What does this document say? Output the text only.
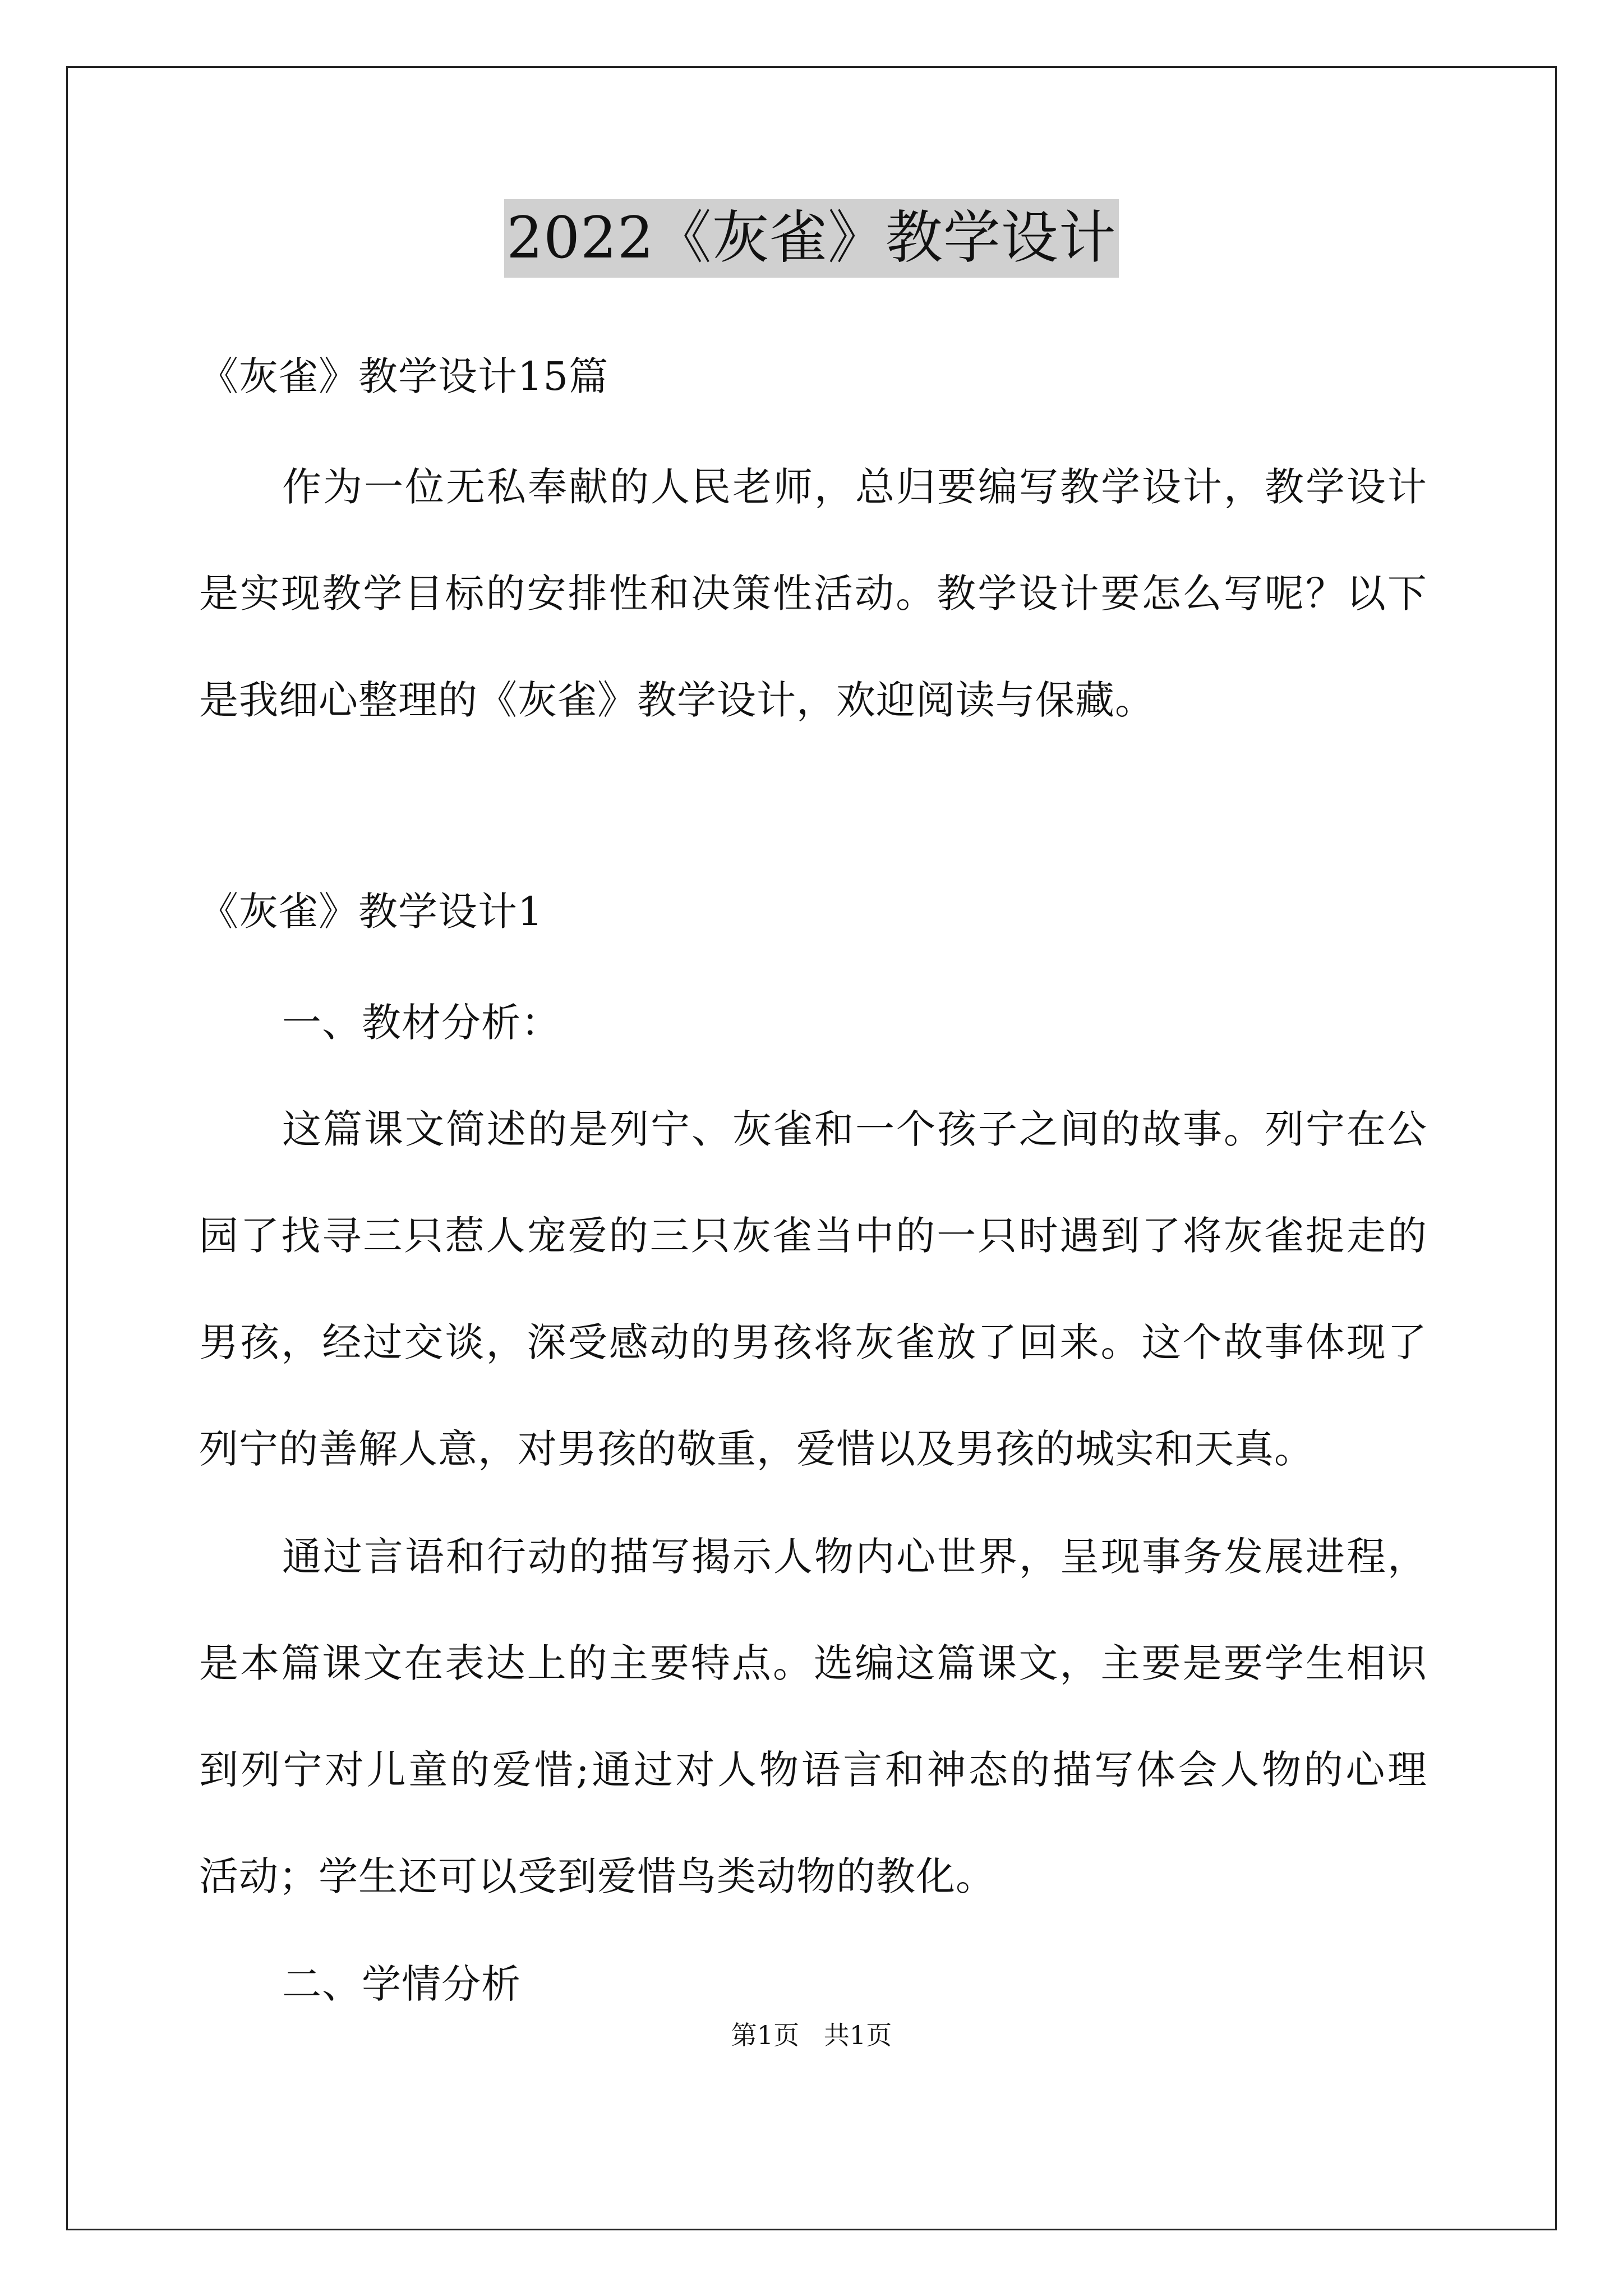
2022《灰雀》教学设计
《灰雀》教学设计15篇
作为一位无私奉献的人民老师，总归要编写教学设计，教学设计
是实现教学目标的安排性和决策性活动。教学设计要怎么写呢？以下
是我细心整理的《灰雀》教学设计，欢迎阅读与保藏。
《灰雀》教学设计1
一、教材分析：
这篇课文简述的是列宁、灰雀和一个孩子之间的故事。列宁在公
园了找寻三只惹人宠爱的三只灰雀当中的一只时遇到了将灰雀捉走的
男孩，经过交谈，深受感动的男孩将灰雀放了回来。这个故事体现了
列宁的善解人意，对男孩的敬重，爱惜以及男孩的城实和天真。
通过言语和行动的描写揭示人物内心世界，呈现事务发展进程，
是本篇课文在表达上的主要特点。选编这篇课文，主要是要学生相识
到列宁对儿童的爱惜;通过对人物语言和神态的描写体会人物的心理
活动；学生还可以受到爱惜鸟类动物的教化。
二、学情分析
第1页   共1页
